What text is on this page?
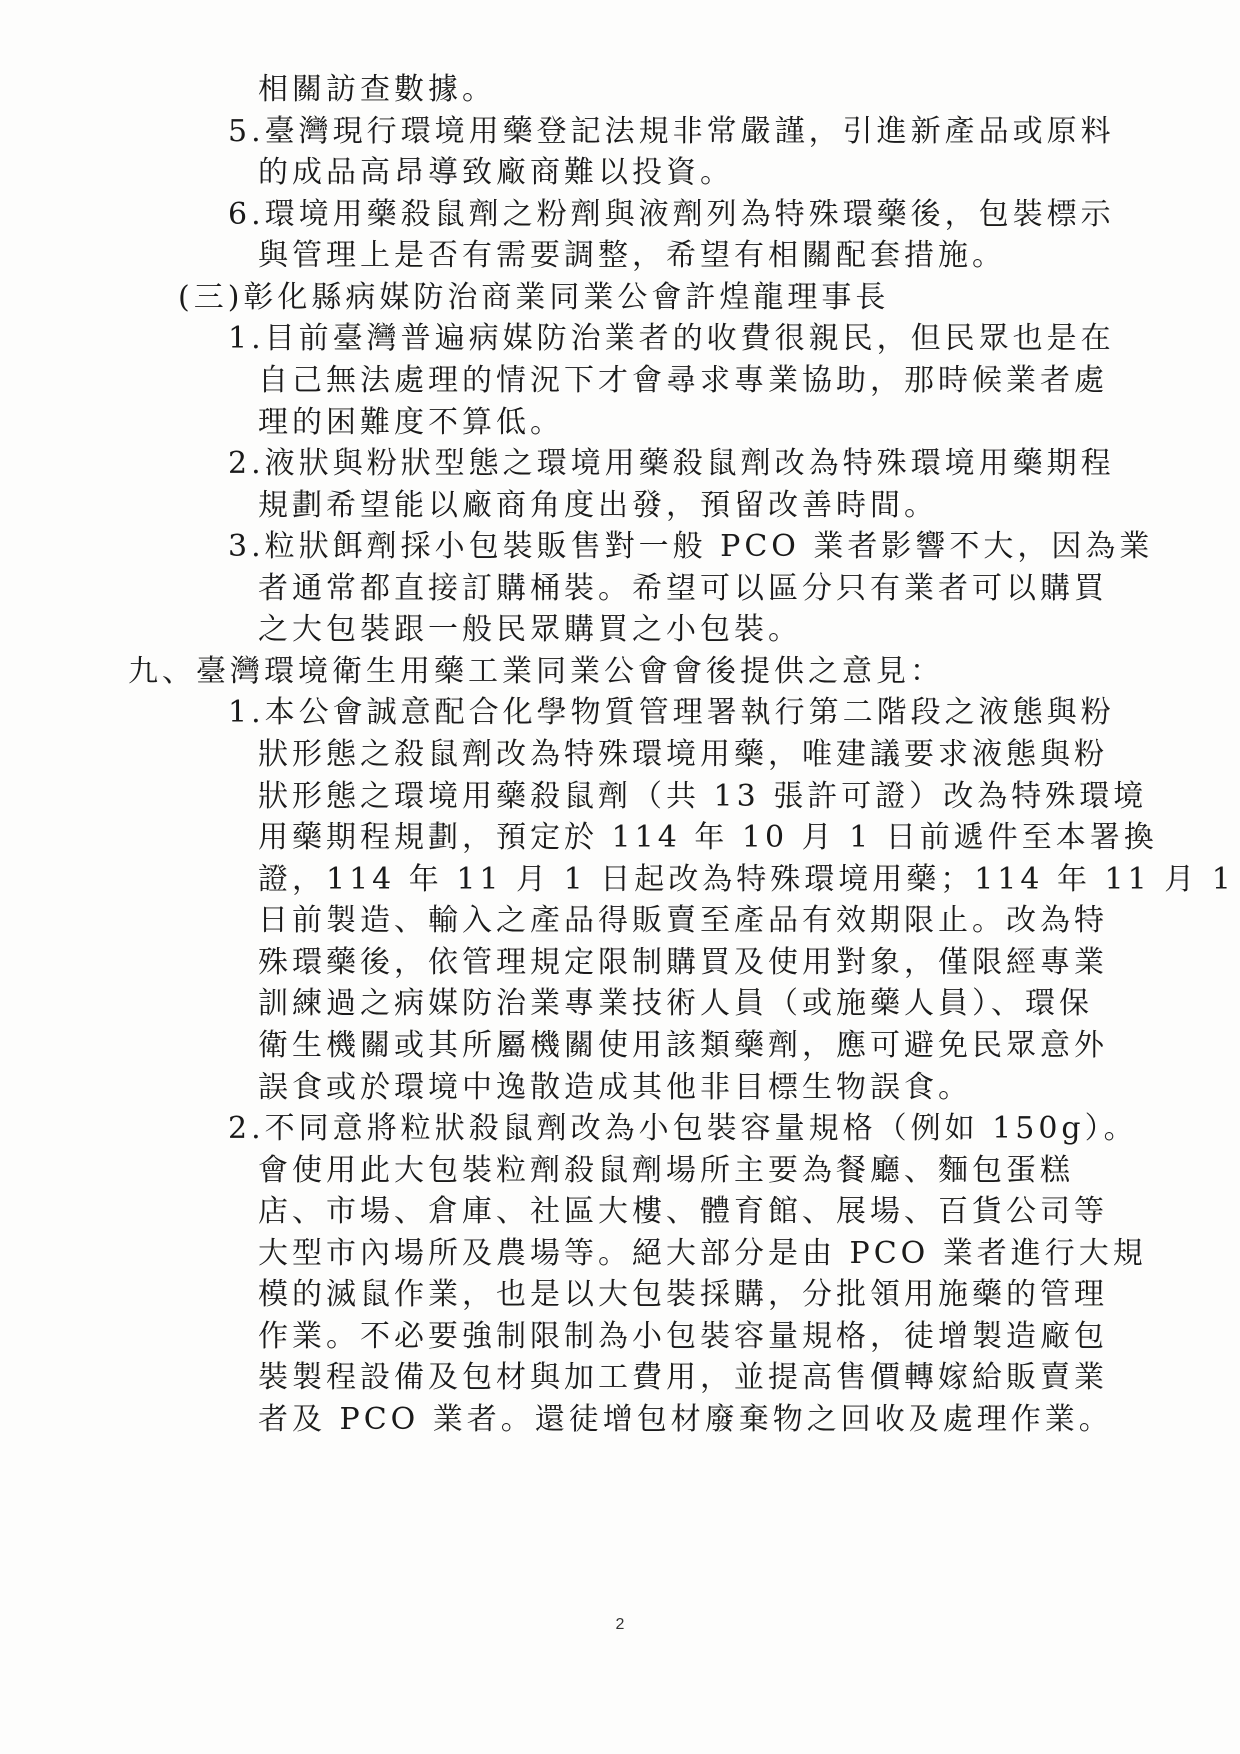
相關訪查數據。
5.臺灣現行環境用藥登記法規非常嚴謹，引進新產品或原料
的成品高昂導致廠商難以投資。
6.環境用藥殺鼠劑之粉劑與液劑列為特殊環藥後，包裝標示
與管理上是否有需要調整，希望有相關配套措施。
(三)彰化縣病媒防治商業同業公會許煌龍理事長
1.目前臺灣普遍病媒防治業者的收費很親民，但民眾也是在
自己無法處理的情況下才會尋求專業協助，那時候業者處
理的困難度不算低。
2.液狀與粉狀型態之環境用藥殺鼠劑改為特殊環境用藥期程
規劃希望能以廠商角度出發，預留改善時間。
3.粒狀餌劑採小包裝販售對一般 PCO 業者影響不大，因為業
者通常都直接訂購桶裝。希望可以區分只有業者可以購買
之大包裝跟一般民眾購買之小包裝。
九、臺灣環境衛生用藥工業同業公會會後提供之意見：
1.本公會誠意配合化學物質管理署執行第二階段之液態與粉
狀形態之殺鼠劑改為特殊環境用藥，唯建議要求液態與粉
狀形態之環境用藥殺鼠劑（共 13 張許可證）改為特殊環境
用藥期程規劃，預定於 114 年 10 月 1 日前遞件至本署換
證，114 年 11 月 1 日起改為特殊環境用藥；114 年 11 月 1
日前製造、輸入之產品得販賣至產品有效期限止。改為特
殊環藥後，依管理規定限制購買及使用對象，僅限經專業
訓練過之病媒防治業專業技術人員（或施藥人員）、環保
衛生機關或其所屬機關使用該類藥劑，應可避免民眾意外
誤食或於環境中逸散造成其他非目標生物誤食。
2.不同意將粒狀殺鼠劑改為小包裝容量規格（例如 150g）。
會使用此大包裝粒劑殺鼠劑場所主要為餐廳、麵包蛋糕
店、市場、倉庫、社區大樓、體育館、展場、百貨公司等
大型市內場所及農場等。絕大部分是由 PCO 業者進行大規
模的滅鼠作業，也是以大包裝採購，分批領用施藥的管理
作業。不必要強制限制為小包裝容量規格，徒增製造廠包
裝製程設備及包材與加工費用，並提高售價轉嫁給販賣業
者及 PCO 業者。還徒增包材廢棄物之回收及處理作業。
2
